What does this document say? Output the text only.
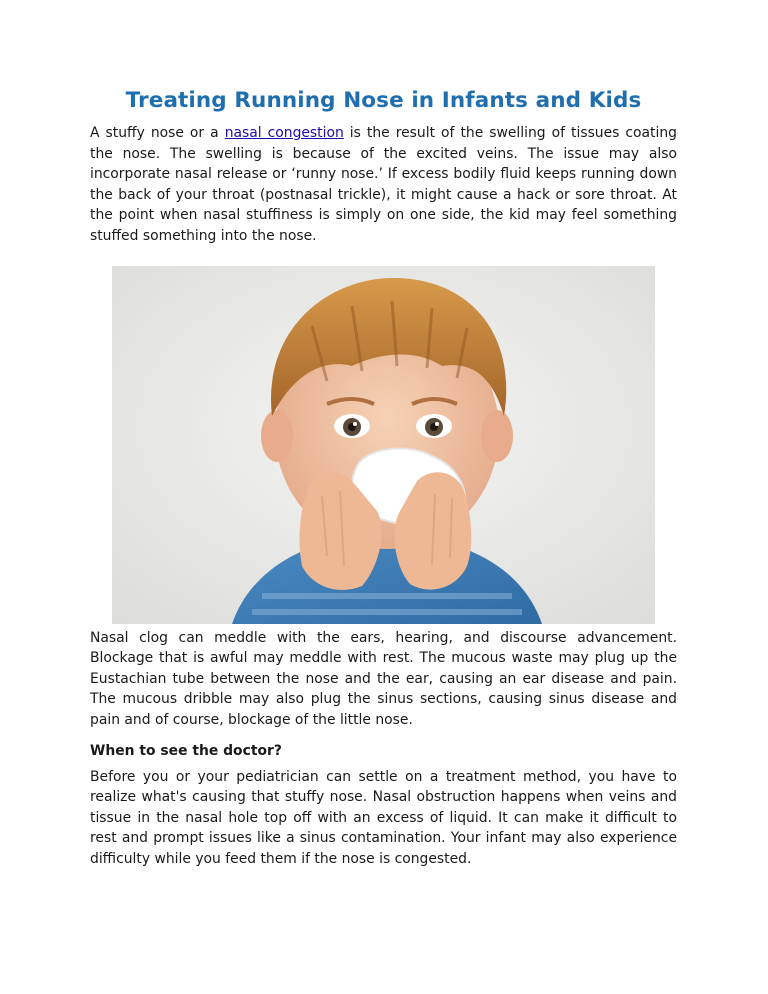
Treating Running Nose in Infants and Kids

A stuffy nose or a nasal congestion is the result of the swelling of tissues coating the nose. The swelling is because of the excited veins. The issue may also incorporate nasal release or ‘runny nose.’ If excess bodily fluid keeps running down the back of your throat (postnasal trickle), it might cause a hack or sore throat. At the point when nasal stuffiness is simply on one side, the kid may feel something stuffed something into the nose.

Nasal clog can meddle with the ears, hearing, and discourse advancement. Blockage that is awful may meddle with rest. The mucous waste may plug up the Eustachian tube between the nose and the ear, causing an ear disease and pain. The mucous dribble may also plug the sinus sections, causing sinus disease and pain and of course, blockage of the little nose.

When to see the doctor?

Before you or your pediatrician can settle on a treatment method, you have to realize what's causing that stuffy nose. Nasal obstruction happens when veins and tissue in the nasal hole top off with an excess of liquid. It can make it difficult to rest and prompt issues like a sinus contamination. Your infant may also experience difficulty while you feed them if the nose is congested.
